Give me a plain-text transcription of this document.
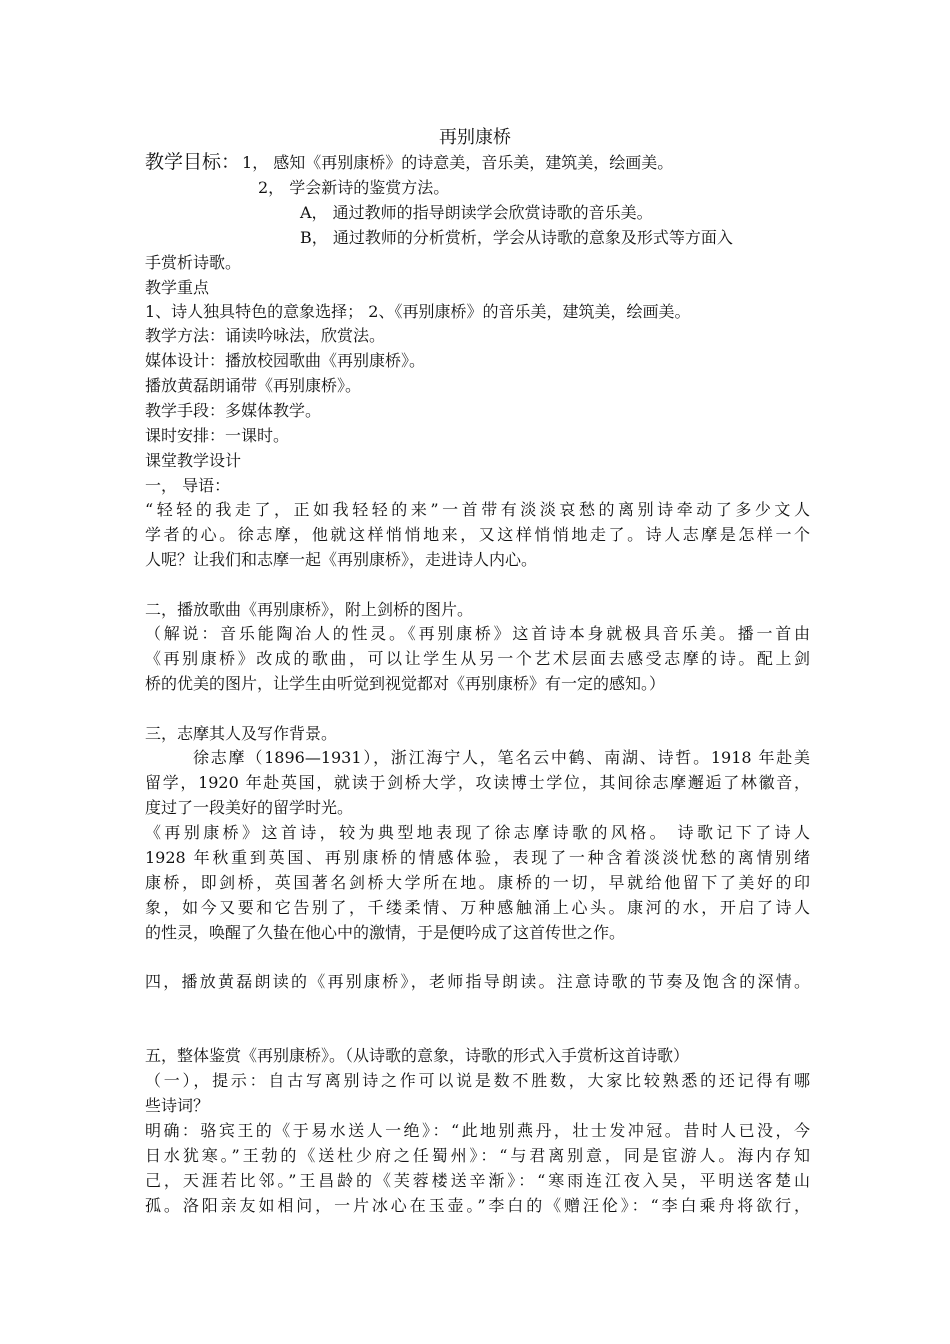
再别康桥
教学目标： 1， 感知《再别康桥》的诗意美，音乐美，建筑美，绘画美。
2， 学会新诗的鉴赏方法。
A， 通过教师的指导朗读学会欣赏诗歌的音乐美。
B， 通过教师的分析赏析，学会从诗歌的意象及形式等方面入
手赏析诗歌。
教学重点
1、诗人独具特色的意象选择； 2、《再别康桥》的音乐美，建筑美，绘画美。
教学方法：诵读吟咏法，欣赏法。
媒体设计：播放校园歌曲《再别康桥》。
播放黄磊朗诵带《再别康桥》。
教学手段：多媒体教学。
课时安排：一课时。
课堂教学设计
一， 导语：
“轻轻的我走了，正如我轻轻的来”一首带有淡淡哀愁的离别诗牵动了多少文人
学者的心。徐志摩，他就这样悄悄地来，又这样悄悄地走了。诗人志摩是怎样一个
人呢？让我们和志摩一起《再别康桥》，走进诗人内心。
二，播放歌曲《再别康桥》，附上剑桥的图片。
（解说：音乐能陶冶人的性灵。《再别康桥》这首诗本身就极具音乐美。播一首由
《再别康桥》改成的歌曲，可以让学生从另一个艺术层面去感受志摩的诗。配上剑
桥的优美的图片，让学生由听觉到视觉都对《再别康桥》有一定的感知。）
三，志摩其人及写作背景。
徐志摩（1896—1931），浙江海宁人，笔名云中鹤、南湖、诗哲。1918 年赴美
留学，1920 年赴英国，就读于剑桥大学，攻读博士学位，其间徐志摩邂逅了林徽音，
度过了一段美好的留学时光。
《再别康桥》这首诗，较为典型地表现了徐志摩诗歌的风格。 诗歌记下了诗人
1928 年秋重到英国、再别康桥的情感体验，表现了一种含着淡淡忧愁的离情别绪
康桥，即剑桥，英国著名剑桥大学所在地。康桥的一切，早就给他留下了美好的印
象，如今又要和它告别了，千缕柔情、万种感触涌上心头。康河的水，开启了诗人
的性灵，唤醒了久蛰在他心中的激情，于是便吟成了这首传世之作。
四，播放黄磊朗读的《再别康桥》，老师指导朗读。注意诗歌的节奏及饱含的深情。
五，整体鉴赏《再别康桥》。（从诗歌的意象，诗歌的形式入手赏析这首诗歌）
（一），提示：自古写离别诗之作可以说是数不胜数，大家比较熟悉的还记得有哪
些诗词？
明确：骆宾王的《于易水送人一绝》：“此地别燕丹，壮士发冲冠。昔时人已没，今
日水犹寒。”王勃的《送杜少府之任蜀州》：“与君离别意，同是宦游人。海内存知
己，天涯若比邻。”王昌龄的《芙蓉楼送辛渐》：“寒雨连江夜入吴，平明送客楚山
孤。洛阳亲友如相问，一片冰心在玉壶。”李白的《赠汪伦》：“李白乘舟将欲行，
